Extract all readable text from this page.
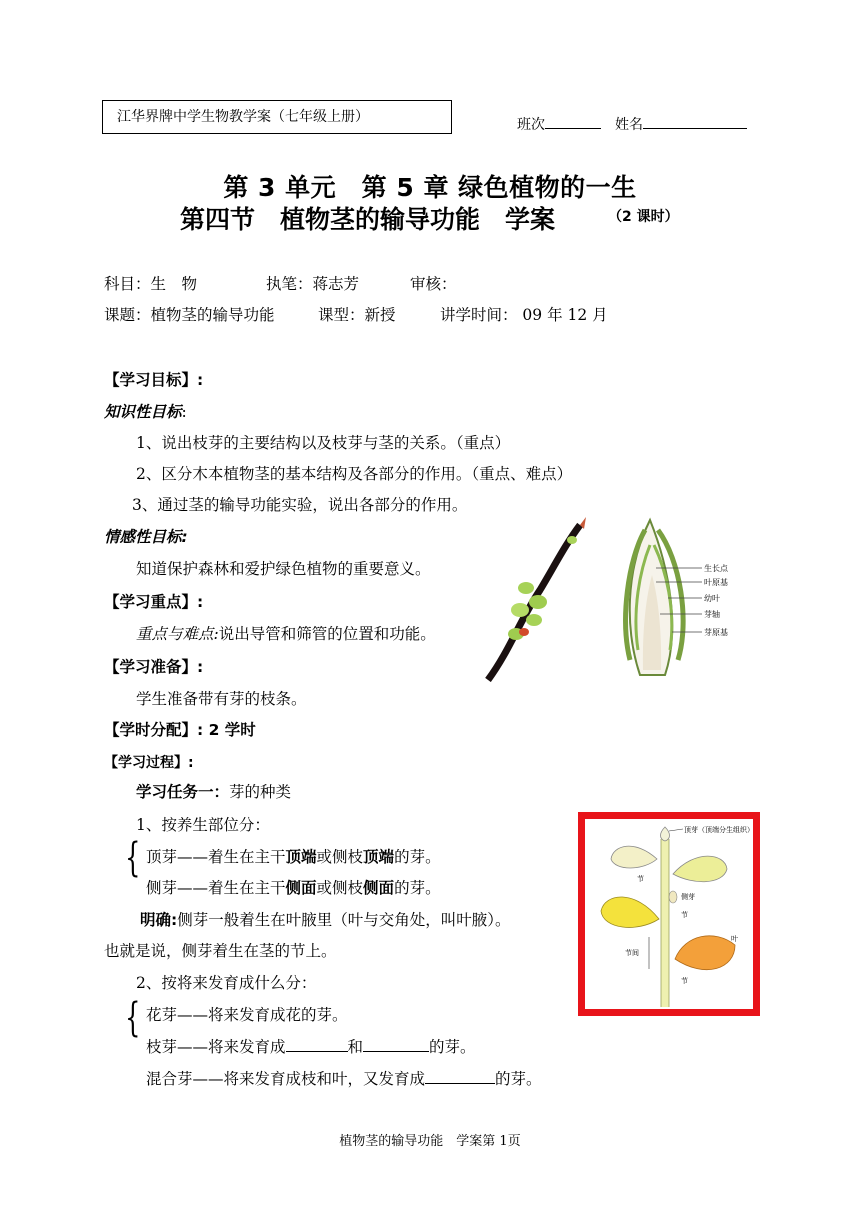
江华界牌中学生物教学案（七年级上册）	班次	姓名
第 3 单元　第 5 章 绿色植物的一生
第四节　植物茎的输导功能　学案	（2 课时）
科目：生　物	执笔：蒋志芳	审核：
课题：植物茎的输导功能	课型：新授	讲学时间： 09 年 12 月
【学习目标】:
知识性目标:
1、说出枝芽的主要结构以及枝芽与茎的关系。（重点）
2、区分木本植物茎的基本结构及各部分的作用。（重点、难点）
3、通过茎的输导功能实验，说出各部分的作用。
情感性目标:
知道保护森林和爱护绿色植物的重要意义。
【学习重点】:
重点与难点:说出导管和筛管的位置和功能。
【学习准备】:
学生准备带有芽的枝条。
【学时分配】: 2 学时
【学习过程】:
学习任务一：芽的种类
1、按养生部位分：
{ 顶芽——着生在主干顶端或侧枝顶端的芽。
侧芽——着生在主干侧面或侧枝侧面的芽。
明确:侧芽一般着生在叶腋里（叶与交角处，叫叶腋）。
也就是说，侧芽着生在茎的节上。
2、按将来发育成什么分：
{ 花芽——将来发育成花的芽。
枝芽——将来发育成	和	的芽。
混合芽——将来发育成枝和叶，又发育成	的芽。
生长点
叶原基
幼叶
芽轴
芽原基
顶芽（顶端分生组织）
节
侧芽
节
叶
节间
节
植物茎的输导功能　学案第 1页
